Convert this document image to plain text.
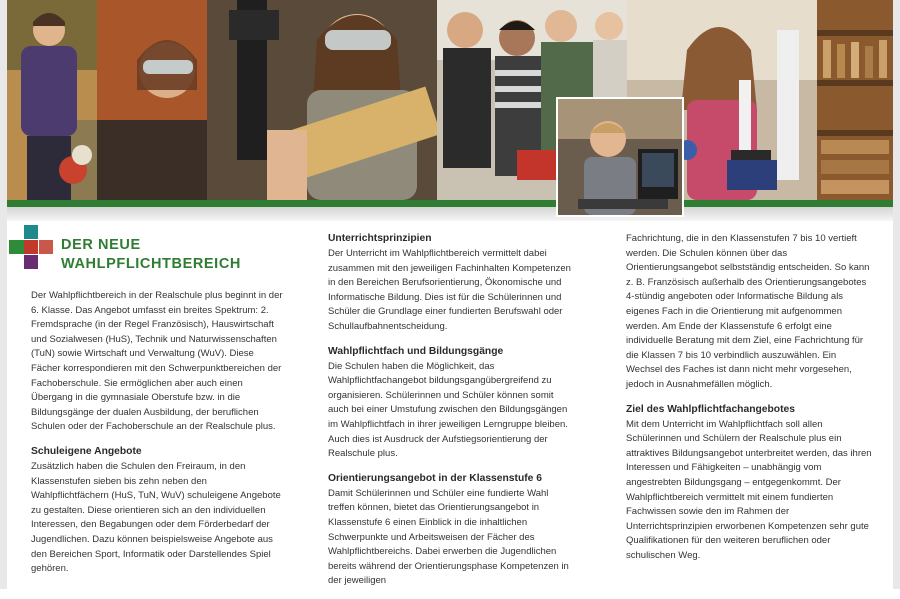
DER NEUE
WAHLPFLICHTBEREICH

Der Wahlpflichtbereich in der Realschule plus beginnt in der 6. Klasse. Das Angebot umfasst ein breites Spektrum: 2. Fremdsprache (in der Regel Französisch), Hauswirtschaft und Sozialwesen (HuS), Technik und Naturwissenschaften (TuN) sowie Wirtschaft und Verwaltung (WuV). Diese Fächer korrespondieren mit den Schwerpunktbereichen der Fachoberschule. Sie ermöglichen aber auch einen Übergang in die gymnasiale Oberstufe bzw. in die Bildungsgänge der dualen Ausbildung, der beruflichen Schulen oder der Fachoberschule an der Realschule plus.

Schuleigene Angebote

Zusätzlich haben die Schulen den Freiraum, in den Klassenstufen sieben bis zehn neben den Wahlpflichtfächern (HuS, TuN, WuV) schuleigene Angebote zu gestalten. Diese orientieren sich an den individuellen Interessen, den Begabungen oder dem Förderbedarf der Jugendlichen. Dazu können beispielsweise Angebote aus den Bereichen Sport, Informatik oder Darstellendes Spiel gehören.

Unterrichtsprinzipien

Der Unterricht im Wahlpflichtbereich vermittelt dabei zusammen mit den jeweiligen Fachinhalten Kompetenzen in den Bereichen Berufsorientierung, Ökonomische und Informatische Bildung. Dies ist für die Schülerinnen und Schüler die Grundlage einer fundierten Berufswahl oder Schullaufbahnentscheidung.

Wahlpflichtfach und Bildungsgänge

Die Schulen haben die Möglichkeit, das Wahlpflichtfachangebot bildungsgangübergreifend zu organisieren. Schülerinnen und Schüler können somit auch bei einer Umstufung zwischen den Bildungsgängen im Wahlpflichtfach in ihrer jeweiligen Lerngruppe bleiben. Auch dies ist Ausdruck der Aufstiegsorientierung der Realschule plus.

Orientierungsangebot in der Klassenstufe 6

Damit Schülerinnen und Schüler eine fundierte Wahl treffen können, bietet das Orientierungsangebot in Klassenstufe 6 einen Einblick in die inhaltlichen Schwerpunkte und Arbeitsweisen der Fächer des Wahlpflichtbereichs. Dabei erwerben die Jugendlichen bereits während der Orientierungsphase Kompetenzen in der jeweiligen

Fachrichtung, die in den Klassenstufen 7 bis 10 vertieft werden. Die Schulen können über das Orientierungsangebot selbstständig entscheiden. So kann z. B. Französisch außerhalb des Orientierungsangebotes 4-stündig angeboten oder Informatische Bildung als eigenes Fach in die Orientierung mit aufgenommen werden. Am Ende der Klassenstufe 6 erfolgt eine individuelle Beratung mit dem Ziel, eine Fachrichtung für die Klassen 7 bis 10 verbindlich auszuwählen. Ein Wechsel des Faches ist dann nicht mehr vorgesehen, jedoch in Ausnahmefällen möglich.

Ziel des Wahlpflichtfachangebotes

Mit dem Unterricht im Wahlpflichtfach soll allen Schülerinnen und Schülern der Realschule plus ein attraktives Bildungsangebot unterbreitet werden, das ihren Interessen und Fähigkeiten – unabhängig vom angestrebten Bildungsgang – entgegenkommt. Der Wahlpflichtbereich vermittelt mit einem fundierten Fachwissen sowie den im Rahmen der Unterrichtsprinzipien erworbenen Kompetenzen sehr gute Qualifikationen für den weiteren beruflichen oder schulischen Weg.
